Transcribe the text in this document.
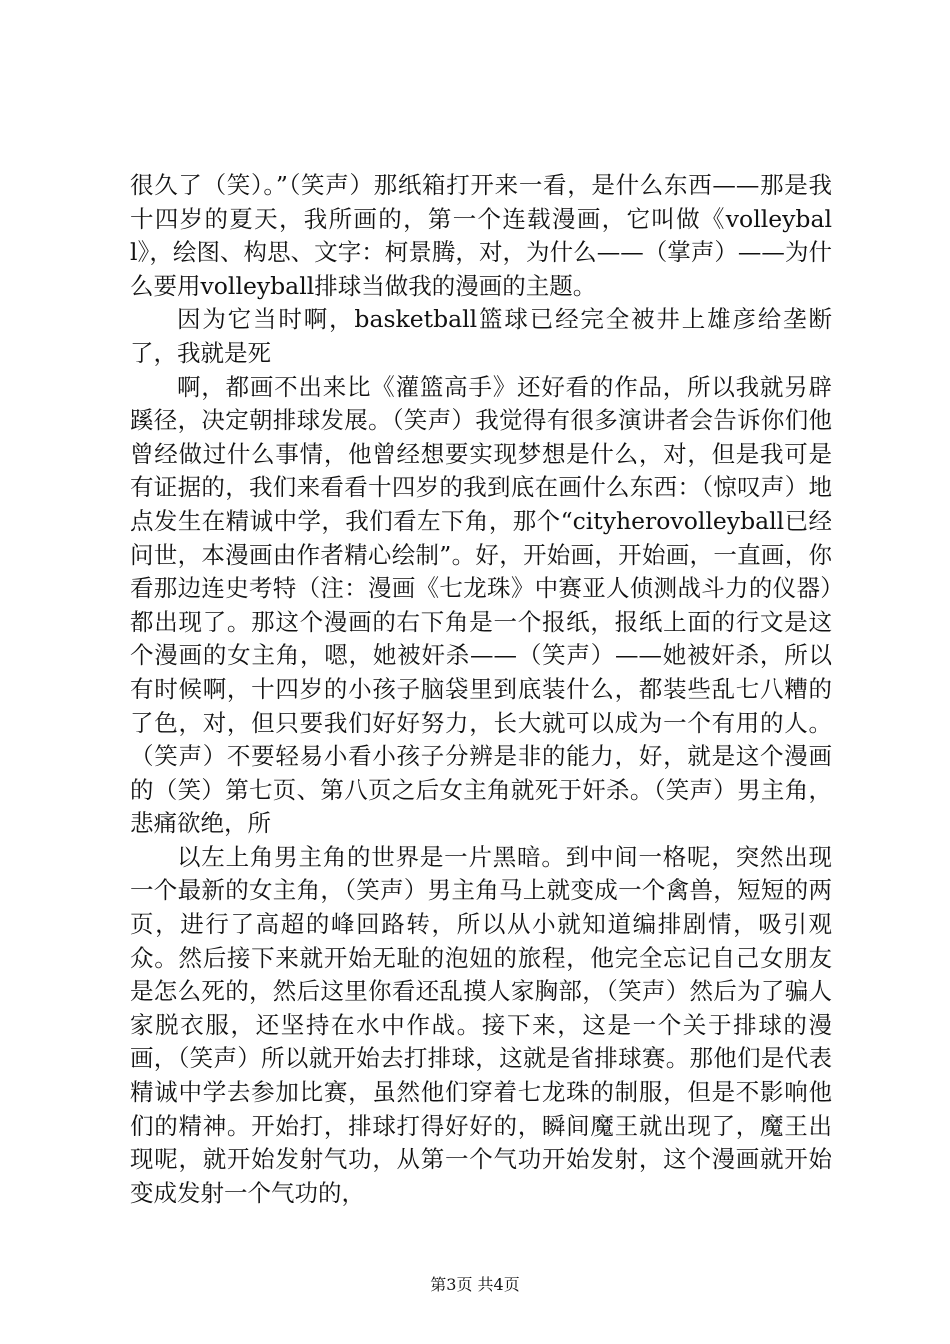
很久了（笑）。”（笑声）那纸箱打开来一看，是什么东西——那是我十四岁的夏天，我所画的，第一个连载漫画，它叫做《volleyball》，绘图、构思、文字：柯景腾，对，为什么——（掌声）——为什么要用volleyball排球当做我的漫画的主题。

因为它当时啊，basketball篮球已经完全被井上雄彦给垄断了，我就是死

啊，都画不出来比《灌篮高手》还好看的作品，所以我就另辟蹊径，决定朝排球发展。（笑声）我觉得有很多演讲者会告诉你们他曾经做过什么事情，他曾经想要实现梦想是什么，对，但是我可是有证据的，我们来看看十四岁的我到底在画什么东西：（惊叹声）地点发生在精诚中学，我们看左下角，那个“cityherovolleyball已经问世，本漫画由作者精心绘制”。好，开始画，开始画，一直画，你看那边连史考特（注：漫画《七龙珠》中赛亚人侦测战斗力的仪器）都出现了。那这个漫画的右下角是一个报纸，报纸上面的行文是这个漫画的女主角，嗯，她被奸杀——（笑声）——她被奸杀，所以有时候啊，十四岁的小孩子脑袋里到底装什么，都装些乱七八糟的了色，对，但只要我们好好努力，长大就可以成为一个有用的人。（笑声）不要轻易小看小孩子分辨是非的能力，好，就是这个漫画的（笑）第七页、第八页之后女主角就死于奸杀。（笑声）男主角，悲痛欲绝，所

以左上角男主角的世界是一片黑暗。到中间一格呢，突然出现一个最新的女主角，（笑声）男主角马上就变成一个禽兽，短短的两页，进行了高超的峰回路转，所以从小就知道编排剧情，吸引观众。然后接下来就开始无耻的泡妞的旅程，他完全忘记自己女朋友是怎么死的，然后这里你看还乱摸人家胸部，（笑声）然后为了骗人家脱衣服，还坚持在水中作战。接下来，这是一个关于排球的漫画，（笑声）所以就开始去打排球，这就是省排球赛。那他们是代表精诚中学去参加比赛，虽然他们穿着七龙珠的制服，但是不影响他们的精神。开始打，排球打得好好的，瞬间魔王就出现了，魔王出现呢，就开始发射气功，从第一个气功开始发射，这个漫画就开始变成发射一个气功的，

第3页 共4页
